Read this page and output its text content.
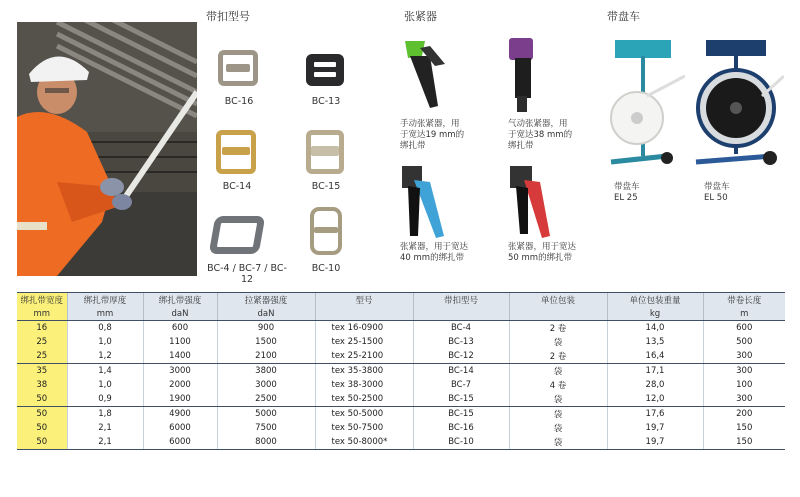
带扣型号	张紧器	带盘车
BC-16	BC-13
BC-14	BC-15
BC-4 / BC-7 / BC-12
BC-10
手动张紧器，用
于宽达19 mm的
绑扎带
气动张紧器，用
于宽达38 mm的
绑扎带
张紧器，用于宽达
40 mm的绑扎带
张紧器，用于宽达
50 mm的绑扎带
带盘车
EL 25
带盘车
EL 50
绑扎带宽度	绑扎带厚度	绑扎带强度	拉紧器强度	型号	带扣型号	单位包装	单位包装重量	带卷长度
mm	mm	daN	daN				kg	m
16	0,8	600	900	tex 16-0900	BC-4	2 卷	14,0	600
25	1,0	1100	1500	tex 25-1500	BC-13	袋	13,5	500
25	1,2	1400	2100	tex 25-2100	BC-12	2 卷	16,4	300
35	1,4	3000	3800	tex 35-3800	BC-14	袋	17,1	300
38	1,0	2000	3000	tex 38-3000	BC-7	4 卷	28,0	100
50	0,9	1900	2500	tex 50-2500	BC-15	袋	12,0	300
50	1,8	4900	5000	tex 50-5000	BC-15	袋	17,6	200
50	2,1	6000	7500	tex 50-7500	BC-16	袋	19,7	150
50	2,1	6000	8000	tex 50-8000*	BC-10	袋	19,7	150
